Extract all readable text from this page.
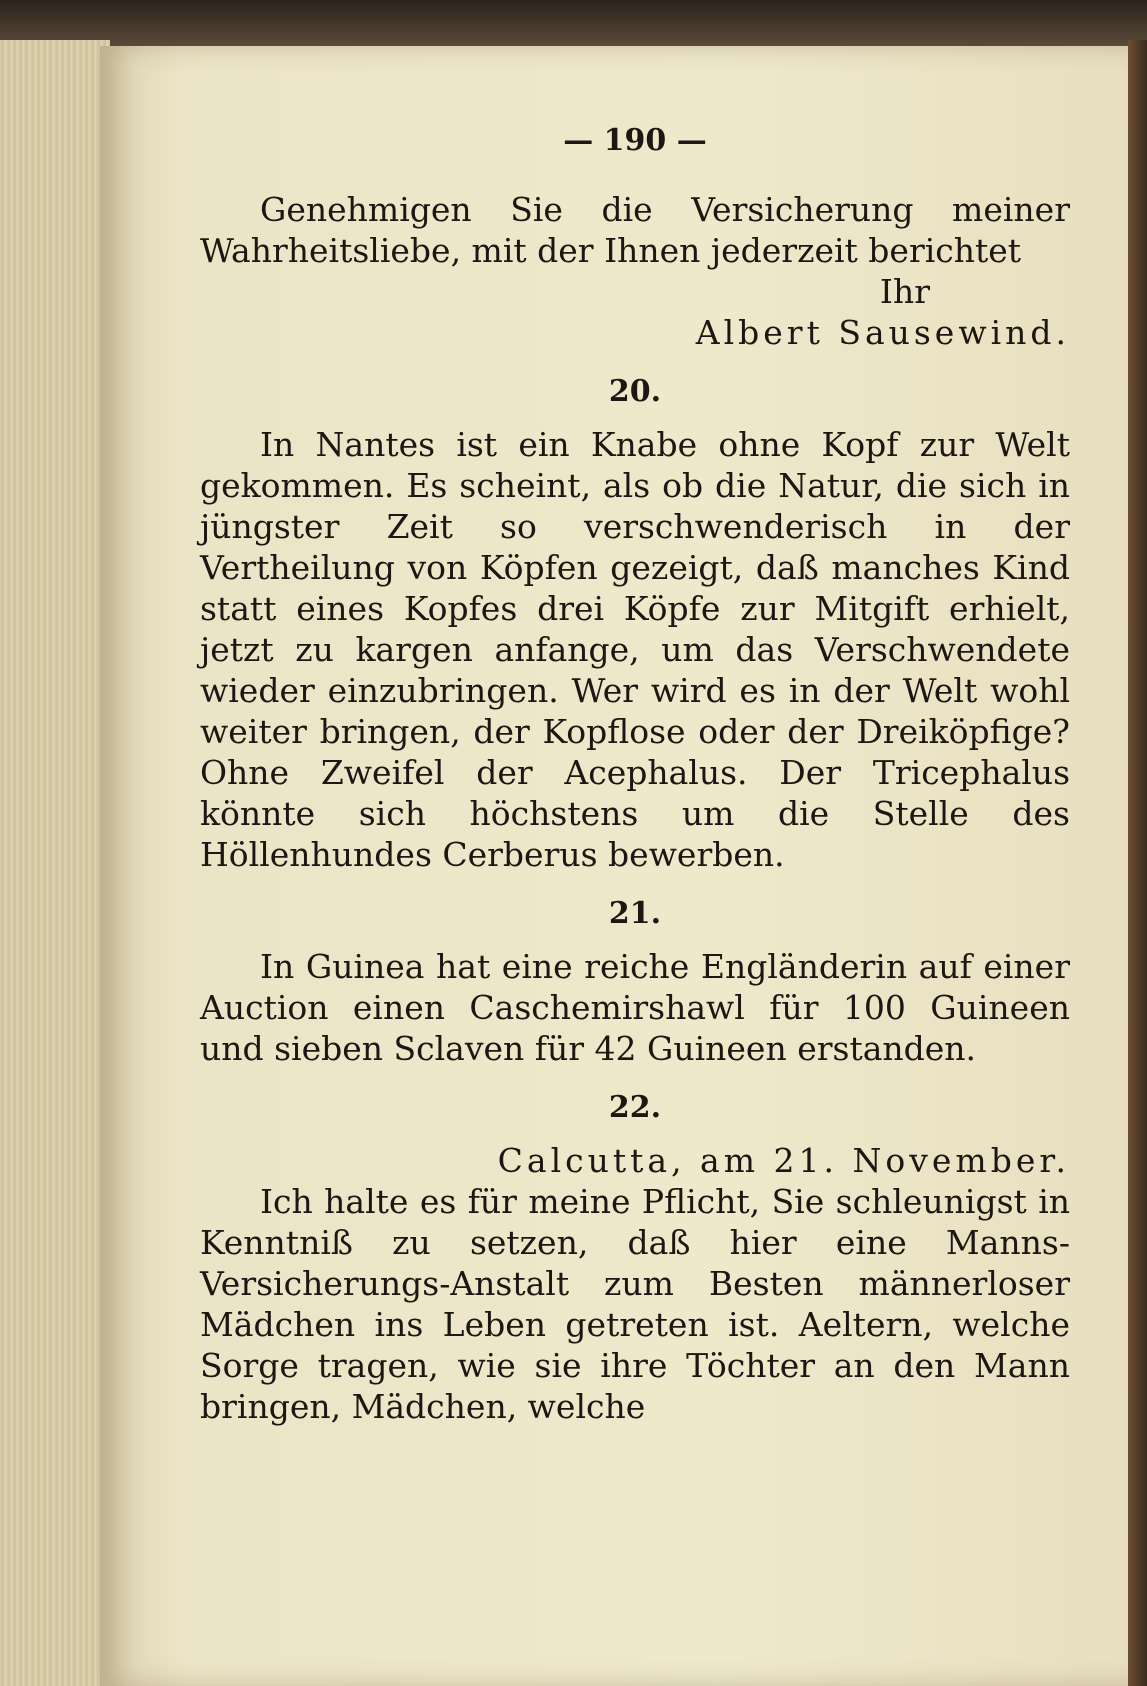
— 190 —

Genehmigen Sie die Versicherung meiner Wahrheitsliebe, mit der Ihnen jederzeit berichtet

Ihr

Albert Sausewind.

20.

In Nantes ist ein Knabe ohne Kopf zur Welt gekommen. Es scheint, als ob die Natur, die sich in jüngster Zeit so verschwenderisch in der Vertheilung von Köpfen gezeigt, daß manches Kind statt eines Kopfes drei Köpfe zur Mitgift erhielt, jetzt zu kargen anfange, um das Verschwendete wieder einzubringen. Wer wird es in der Welt wohl weiter bringen, der Kopflose oder der Dreiköpfige? Ohne Zweifel der Acephalus. Der Tricephalus könnte sich höchstens um die Stelle des Höllenhundes Cerberus bewerben.

21.

In Guinea hat eine reiche Engländerin auf einer Auction einen Caschemirshawl für 100 Guineen und sieben Sclaven für 42 Guineen erstanden.

22.

Calcutta, am 21. November.

Ich halte es für meine Pflicht, Sie schleunigst in Kenntniß zu setzen, daß hier eine Manns-Versicherungs-Anstalt zum Besten männerloser Mädchen ins Leben getreten ist. Aeltern, welche Sorge tragen, wie sie ihre Töchter an den Mann bringen, Mädchen, welche
